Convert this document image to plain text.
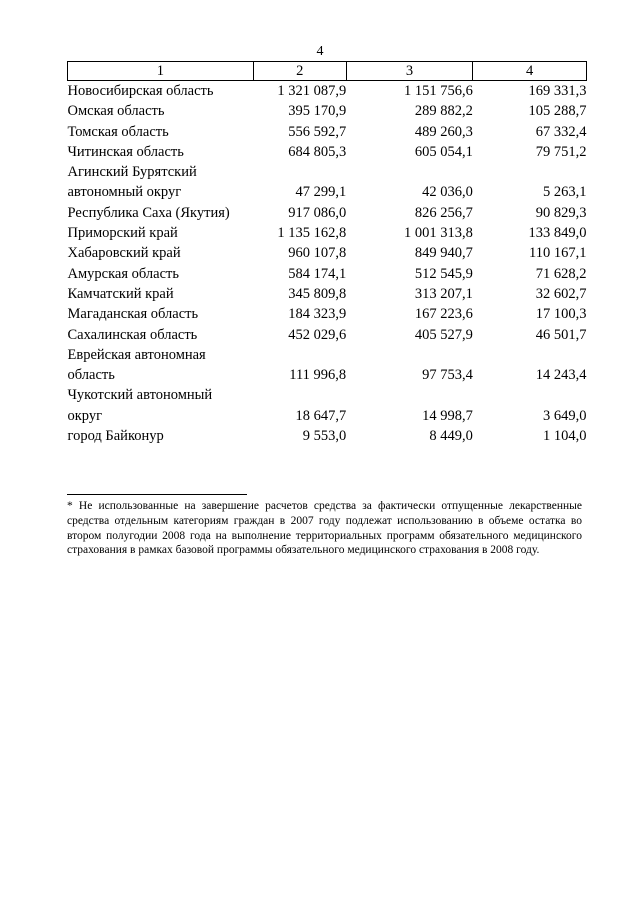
4
1	2	3	4
Новосибирская область	1 321 087,9	1 151 756,6	169 331,3
Омская область	395 170,9	289 882,2	105 288,7
Томская область	556 592,7	489 260,3	67 332,4
Читинская область	684 805,3	605 054,1	79 751,2
Агинский Бурятский			
автономный округ	47 299,1	42 036,0	5 263,1
Республика Саха (Якутия)	917 086,0	826 256,7	90 829,3
Приморский край	1 135 162,8	1 001 313,8	133 849,0
Хабаровский край	960 107,8	849 940,7	110 167,1
Амурская область	584 174,1	512 545,9	71 628,2
Камчатский край	345 809,8	313 207,1	32 602,7
Магаданская область	184 323,9	167 223,6	17 100,3
Сахалинская область	452 029,6	405 527,9	46 501,7
Еврейская автономная			
область	111 996,8	97 753,4	14 243,4
Чукотский автономный			
округ	18 647,7	14 998,7	3 649,0
город Байконур	9 553,0	8 449,0	1 104,0
* Не использованные на завершение расчетов средства за фактически отпущенные лекарственные средства отдельным категориям граждан в 2007 году подлежат использованию в объеме остатка во втором полугодии 2008 года на выполнение территориальных программ обязательного медицинского страхования в рамках базовой программы обязательного медицинского страхования в 2008 году.
